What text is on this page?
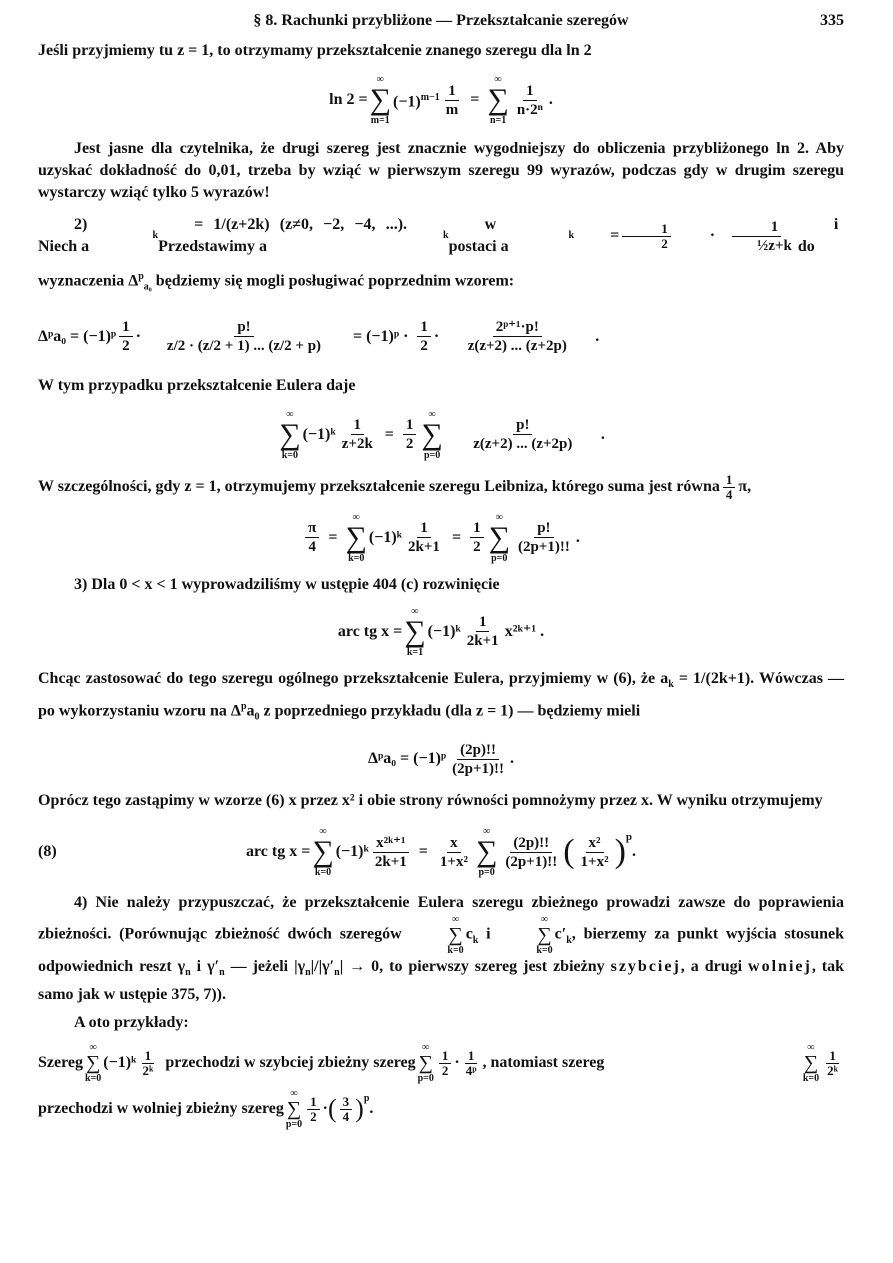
§ 8. Rachunki przybliżone — Przekształcanie szeregów	335

Jeśli przyjmiemy tu z = 1, to otrzymamy przekształcenie znanego szeregu dla ln 2

ln 2 =
∞
∑
m=1
$(-1)^{m-1} \frac{1}{m}$ =
∞
∑
n=1
$\frac{1}{\text{n·2ⁿ}}$ .

Jest jasne dla czytelnika, że drugi szereg jest znacznie wygodniejszy do obliczenia przybliżonego ln 2. Aby uzyskać dokładność do 0,01, trzeba by wziąć w pierwszym szeregu 99 wyrazów, podczas gdy w drugim szeregu wystarczy wziąć tylko 5 wyrazów!

2) Niech a
k
= 1/(z+2k) (z≠0, −2, −4, ...). Przedstawimy a
k
w postaci a
k	= $\frac{1}{2}$	· $\frac{1}{\text{½z+k}}$	i do

wyznaczenia $\Delta^p_{a_0}$ będziemy się mogli posługiwać poprzednim wzorem:

Δᵖa₀ = (−1)ᵖ $\frac{1}{2} \cdot \frac{p!}{z/2 \cdot (z/2 + 1) ... (z/2 + p)}$ = (−1)ᵖ · $\frac{1}{2} \cdot \frac{\text{2ᵖ⁺¹·p!}}{z(z+2) ... (z+2p)}$ .

W tym przypadku przekształcenie Eulera daje

∞
∑
k=0
(−1)ᵏ $\frac{1}{z+2k} = \frac{1}{2}$
∞
∑
p=0
$\frac{p!}{z(z+2) ... (z+2p)}$ .

W szczególności, gdy z = 1, otrzymujemy przekształcenie szeregu Leibniza, którego suma jest równa $\frac{1}{4} \pi$,

$\frac{\pi}{4}$ =
∞
∑
k=0
(−1)ᵏ $\frac{1}{2k+1} = \frac{1}{2}$
∞
∑
p=0
$\frac{p!}{(2p+1)!!}$ .

3) Dla 0 < x < 1 wyprowadziliśmy w ustępie 404 (c) rozwinięcie

arc tg x =
∞
∑
k=1
(−1)ᵏ $\frac{1}{2k+1}$ x²ᵏ⁺¹ .

Chcąc zastosować do tego szeregu ogólnego przekształcenie Eulera, przyjmiemy w (6), że $a_k = 1/(2k+1)$. Wówczas — po wykorzystaniu wzoru na $\Delta^pa_0$ z poprzedniego przykładu (dla z = 1) — będziemy mieli

Δᵖa₀ = (−1)ᵖ $\frac{(2p)!!}{(2p+1)!!}$ .

Oprócz tego zastąpimy w wzorze (6) x przez x² i obie strony równości pomnożymy przez x. W wyniku otrzymujemy

(8)	arc tg x =
∞
∑
k=0
(−1)ᵏ $\frac{\text{x²ᵏ⁺¹}}{2k+1} = \frac{x}{\text{1+x²}}$
∞
∑
p=0
$\frac{(2p)!!}{(2p+1)!!}$ ( $\frac{\text{x²}}{\text{1+x²}} )^p$
.

4) Nie należy przypuszczać, że przekształcenie Eulera szeregu zbieżnego prowadzi zawsze do poprawienia zbieżności. (Porównując zbieżność dwóch szeregów
∞
∑
k=0
$c_k$ i
∞
∑
k=0
$c'_k$, bierzemy za punkt wyjścia stosunek odpowiednich reszt $\gamma_n$ i $\gamma'_n$ — jeżeli $|\gamma_n|/|\gamma'_n| \to 0$, to pierwszy szereg jest zbieżny szybciej, a drugi wolniej, tak samo jak w ustępie 375, 7)).

A oto przykłady:

Szereg
∞
∑
k=0
(−1)ᵏ $\frac{1}{\text{2ᵏ}}$ przechodzi w szybciej zbieżny szereg
∞
∑
p=0
$\frac{1}{2} \cdot \frac{1}{\text{4ᵖ}}$ , natomiast szereg
∞
∑
k=0
$\frac{1}{\text{2ᵏ}}$
przechodzi w wolniej zbieżny szereg
∞
∑
p=0
$\frac{1}{2}$ · ( $\frac{3}{4} )^p$
.
